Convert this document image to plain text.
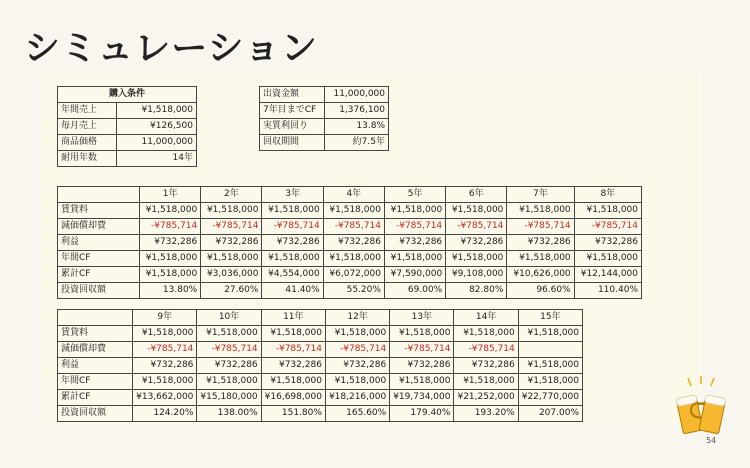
シミュレーション
購入条件	
年間売上	¥1,518,000
毎月売上	¥126,500
商品価格	11,000,000
耐用年数	14年
出資金額	11,000,000
7年目までCF	1,376,100
実質利回り	13.8%
回収期間	約7.5年
	1年	2年	3年	4年	5年	6年	7年	8年
賃貸料	¥1,518,000	¥1,518,000	¥1,518,000	¥1,518,000	¥1,518,000	¥1,518,000	¥1,518,000	¥1,518,000
減価償却費	-¥785,714	-¥785,714	-¥785,714	-¥785,714	-¥785,714	-¥785,714	-¥785,714	-¥785,714
利益	¥732,286	¥732,286	¥732,286	¥732,286	¥732,286	¥732,286	¥732,286	¥732,286
年間CF	¥1,518,000	¥1,518,000	¥1,518,000	¥1,518,000	¥1,518,000	¥1,518,000	¥1,518,000	¥1,518,000
累計CF	¥1,518,000	¥3,036,000	¥4,554,000	¥6,072,000	¥7,590,000	¥9,108,000	¥10,626,000	¥12,144,000
投資回収額	13.80%	27.60%	41.40%	55.20%	69.00%	82.80%	96.60%	110.40%
	9年	10年	11年	12年	13年	14年	15年
賃貸料	¥1,518,000	¥1,518,000	¥1,518,000	¥1,518,000	¥1,518,000	¥1,518,000	¥1,518,000
減価償却費	-¥785,714	-¥785,714	-¥785,714	-¥785,714	-¥785,714	-¥785,714	
利益	¥732,286	¥732,286	¥732,286	¥732,286	¥732,286	¥732,286	¥1,518,000
年間CF	¥1,518,000	¥1,518,000	¥1,518,000	¥1,518,000	¥1,518,000	¥1,518,000	¥1,518,000
累計CF	¥13,662,000	¥15,180,000	¥16,698,000	¥18,216,000	¥19,734,000	¥21,252,000	¥22,770,000
投資回収額	124.20%	138.00%	151.80%	165.60%	179.40%	193.20%	207.00%
54
